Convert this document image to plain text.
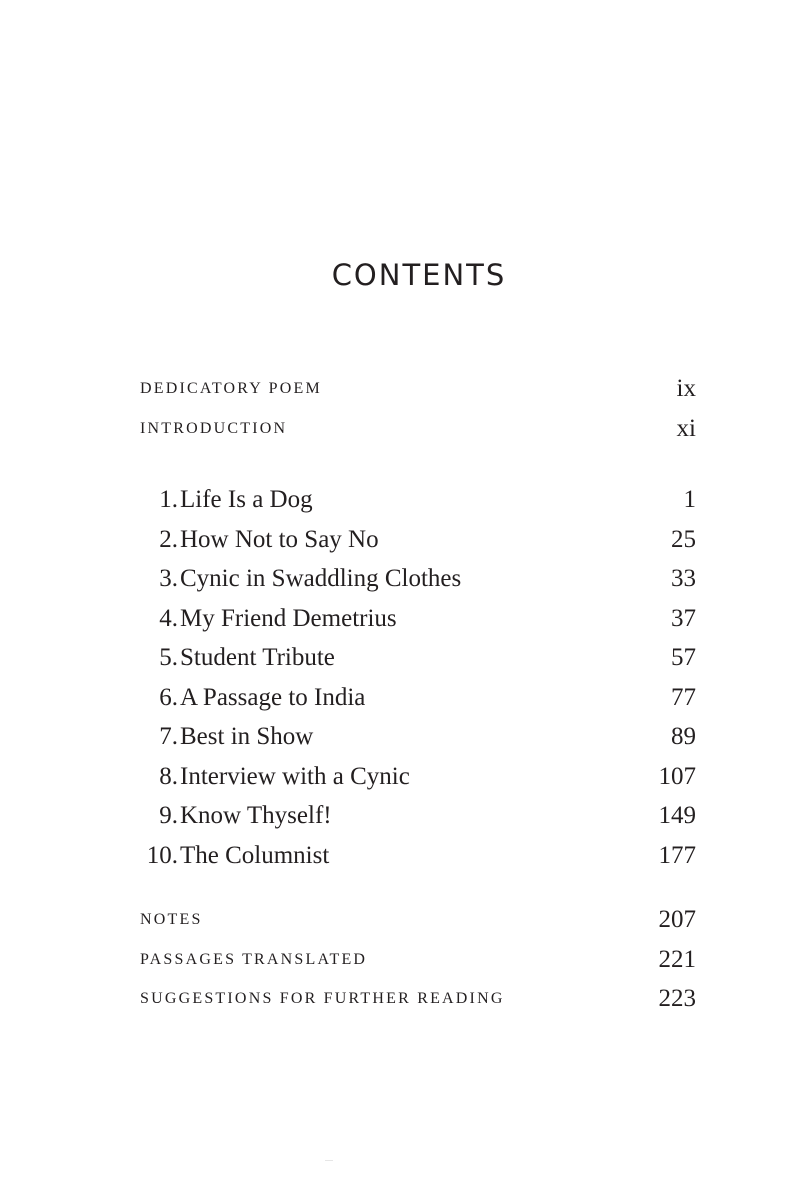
CONTENTS
DEDICATORY POEM	ix
INTRODUCTION	xi
1. Life Is a Dog	1
2. How Not to Say No	25
3. Cynic in Swaddling Clothes	33
4. My Friend Demetrius	37
5. Student Tribute	57
6. A Passage to India	77
7. Best in Show	89
8. Interview with a Cynic	107
9. Know Thyself!	149
10. The Columnist	177
NOTES	207
PASSAGES TRANSLATED	221
SUGGESTIONS FOR FURTHER READING	223
